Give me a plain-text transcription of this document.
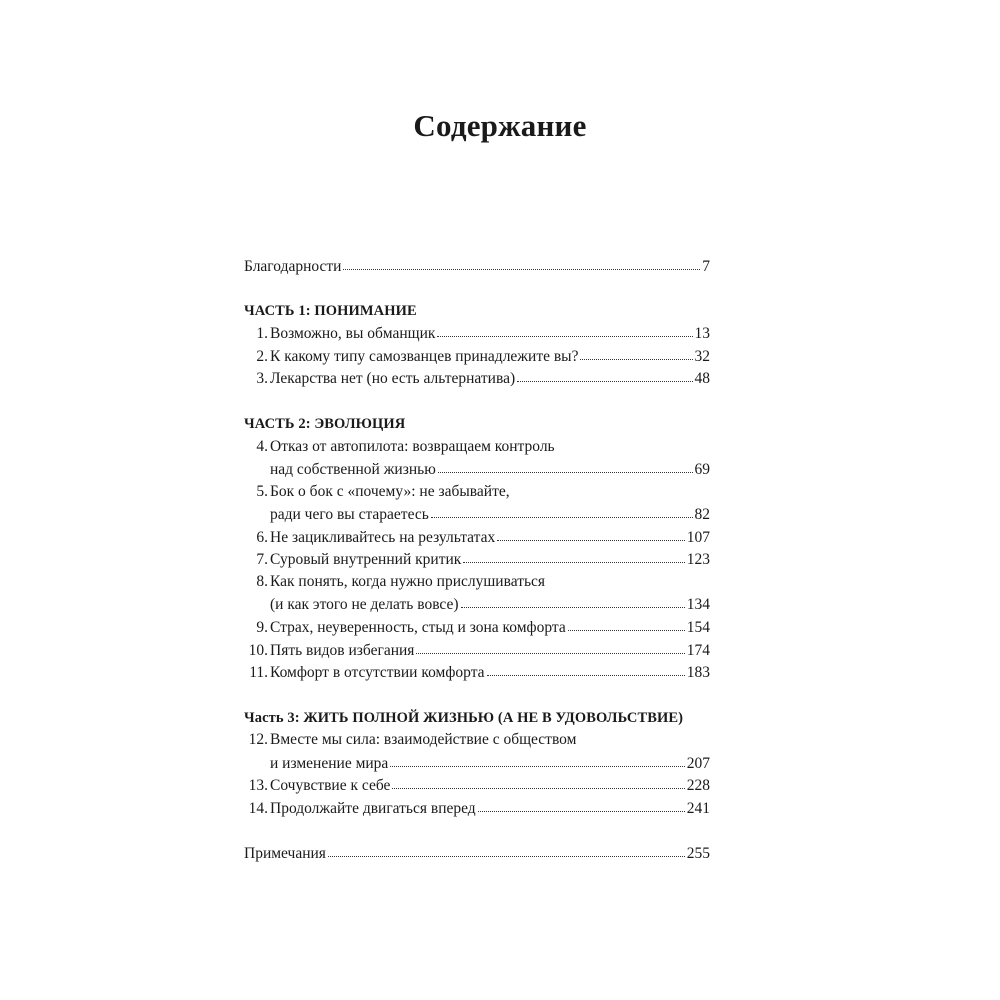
Содержание
Благодарности	7
ЧАСТЬ 1: ПОНИМАНИЕ
1. Возможно, вы обманщик	13
2. К какому типу самозванцев принадлежите вы?	32
3. Лекарства нет (но есть альтернатива)	48
ЧАСТЬ 2: ЭВОЛЮЦИЯ
4. Отказ от автопилота: возвращаем контроль
над собственной жизнью	69
5. Бок о бок с «почему»: не забывайте,
ради чего вы стараетесь	82
6. Не зацикливайтесь на результатах	107
7. Суровый внутренний критик	123
8. Как понять, когда нужно прислушиваться
(и как этого не делать вовсе)	134
9. Страх, неуверенность, стыд и зона комфорта	154
10. Пять видов избегания	174
11. Комфорт в отсутствии комфорта	183
Часть 3: ЖИТЬ ПОЛНОЙ ЖИЗНЬЮ (А НЕ В УДОВОЛЬСТВИЕ)
12. Вместе мы сила: взаимодействие с обществом
и изменение мира	207
13. Сочувствие к себе	228
14. Продолжайте двигаться вперед	241
Примечания	255
